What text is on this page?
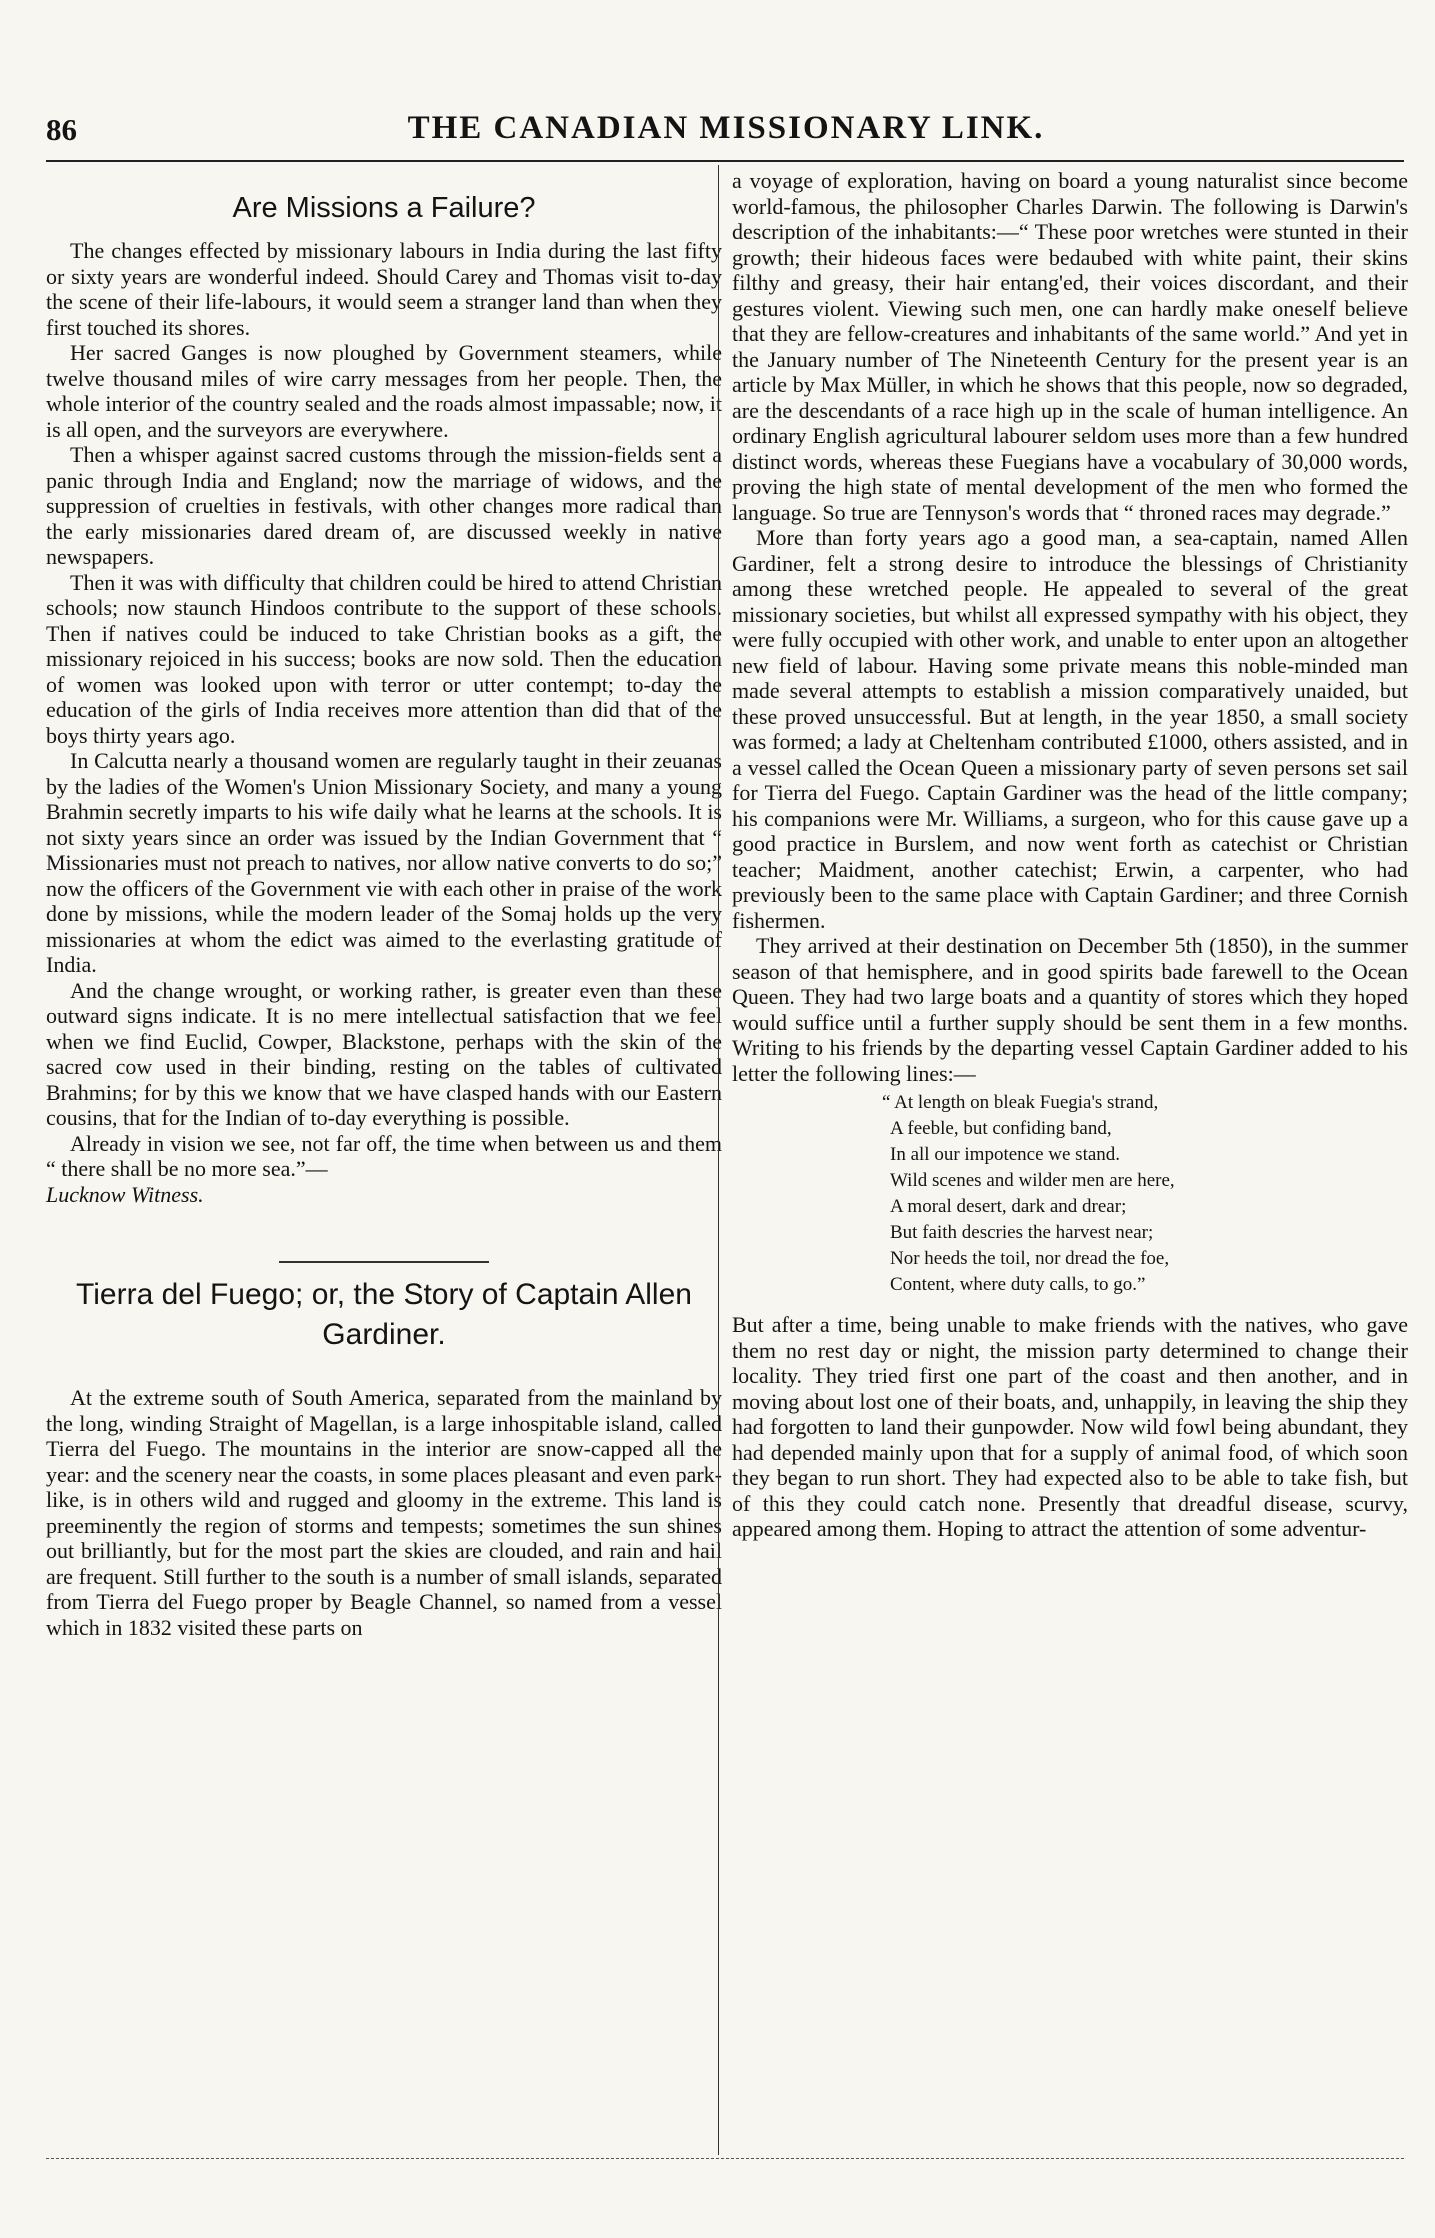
86	THE CANADIAN MISSIONARY LINK.
Are Missions a Failure?

The changes effected by missionary labours in India during the last fifty or sixty years are wonderful indeed. Should Carey and Thomas visit to-day the scene of their life-labours, it would seem a stranger land than when they first touched its shores.

Her sacred Ganges is now ploughed by Government steamers, while twelve thousand miles of wire carry messages from her people. Then, the whole interior of the country sealed and the roads almost impassable; now, it is all open, and the surveyors are everywhere.

Then a whisper against sacred customs through the mission-fields sent a panic through India and England; now the marriage of widows, and the suppression of cruelties in festivals, with other changes more radical than the early missionaries dared dream of, are discussed weekly in native newspapers.

Then it was with difficulty that children could be hired to attend Christian schools; now staunch Hindoos contribute to the support of these schools. Then if natives could be induced to take Christian books as a gift, the missionary rejoiced in his success; books are now sold. Then the education of women was looked upon with terror or utter contempt; to-day the education of the girls of India receives more attention than did that of the boys thirty years ago.

In Calcutta nearly a thousand women are regularly taught in their zeuanas by the ladies of the Women's Union Missionary Society, and many a young Brahmin secretly imparts to his wife daily what he learns at the schools. It is not sixty years since an order was issued by the Indian Government that “ Missionaries must not preach to natives, nor allow native converts to do so;” now the officers of the Government vie with each other in praise of the work done by missions, while the modern leader of the Somaj holds up the very missionaries at whom the edict was aimed to the everlasting gratitude of India.

And the change wrought, or working rather, is greater even than these outward signs indicate. It is no mere intellectual satisfaction that we feel when we find Euclid, Cowper, Blackstone, perhaps with the skin of the sacred cow used in their binding, resting on the tables of cultivated Brahmins; for by this we know that we have clasped hands with our Eastern cousins, that for the Indian of to-day everything is possible.

Already in vision we see, not far off, the time when between us and them “ there shall be no more sea.”—

Lucknow Witness.
Tierra del Fuego; or, the Story of Captain Allen Gardiner.

At the extreme south of South America, separated from the mainland by the long, winding Straight of Magellan, is a large inhospitable island, called Tierra del Fuego. The mountains in the interior are snow-capped all the year: and the scenery near the coasts, in some places pleasant and even park-like, is in others wild and rugged and gloomy in the extreme. This land is preeminently the region of storms and tempests; sometimes the sun shines out brilliantly, but for the most part the skies are clouded, and rain and hail are frequent. Still further to the south is a number of small islands, separated from Tierra del Fuego proper by Beagle Channel, so named from a vessel which in 1832 visited these parts on

a voyage of exploration, having on board a young naturalist since become world-famous, the philosopher Charles Darwin. The following is Darwin's description of the inhabitants:—“ These poor wretches were stunted in their growth; their hideous faces were bedaubed with white paint, their skins filthy and greasy, their hair entang'ed, their voices discordant, and their gestures violent. Viewing such men, one can hardly make oneself believe that they are fellow-creatures and inhabitants of the same world.” And yet in the January number of The Nineteenth Century for the present year is an article by Max Müller, in which he shows that this people, now so degraded, are the descendants of a race high up in the scale of human intelligence. An ordinary English agricultural labourer seldom uses more than a few hundred distinct words, whereas these Fuegians have a vocabulary of 30,000 words, proving the high state of mental development of the men who formed the language. So true are Tennyson's words that “ throned races may degrade.”

More than forty years ago a good man, a sea-captain, named Allen Gardiner, felt a strong desire to introduce the blessings of Christianity among these wretched people. He appealed to several of the great missionary societies, but whilst all expressed sympathy with his object, they were fully occupied with other work, and unable to enter upon an altogether new field of labour. Having some private means this noble-minded man made several attempts to establish a mission comparatively unaided, but these proved unsuccessful. But at length, in the year 1850, a small society was formed; a lady at Cheltenham contributed £1000, others assisted, and in a vessel called the Ocean Queen a missionary party of seven persons set sail for Tierra del Fuego. Captain Gardiner was the head of the little company; his companions were Mr. Williams, a surgeon, who for this cause gave up a good practice in Burslem, and now went forth as catechist or Christian teacher; Maidment, another catechist; Erwin, a carpenter, who had previously been to the same place with Captain Gardiner; and three Cornish fishermen.

They arrived at their destination on December 5th (1850), in the summer season of that hemisphere, and in good spirits bade farewell to the Ocean Queen. They had two large boats and a quantity of stores which they hoped would suffice until a further supply should be sent them in a few months. Writing to his friends by the departing vessel Captain Gardiner added to his letter the following lines:—

“ At length on bleak Fuegia's strand,
A feeble, but confiding band,
In all our impotence we stand.
Wild scenes and wilder men are here,
A moral desert, dark and drear;
But faith descries the harvest near;
Nor heeds the toil, nor dread the foe,
Content, where duty calls, to go.”

But after a time, being unable to make friends with the natives, who gave them no rest day or night, the mission party determined to change their locality. They tried first one part of the coast and then another, and in moving about lost one of their boats, and, unhappily, in leaving the ship they had forgotten to land their gunpowder. Now wild fowl being abundant, they had depended mainly upon that for a supply of animal food, of which soon they began to run short. They had expected also to be able to take fish, but of this they could catch none. Presently that dreadful disease, scurvy, appeared among them. Hoping to attract the attention of some adventur-
